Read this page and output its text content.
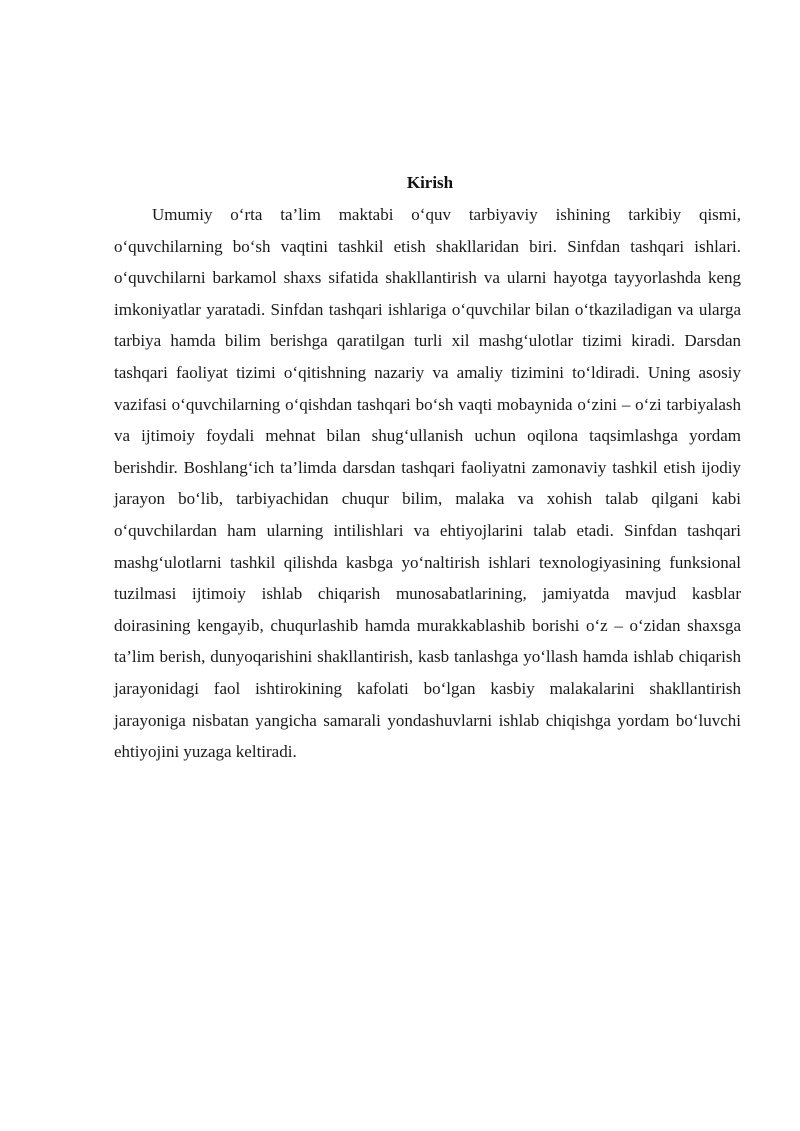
Kirish

Umumiy o‘rta ta’lim maktabi o‘quv tarbiyaviy ishining tarkibiy qismi, o‘quvchilarning bo‘sh vaqtini tashkil etish shakllaridan biri. Sinfdan tashqari ishlari. o‘quvchilarni barkamol shaxs sifatida shakllantirish va ularni hayotga tayyorlashda keng imkoniyatlar yaratadi. Sinfdan tashqari ishlariga o‘quvchilar bilan o‘tkaziladigan va ularga tarbiya hamda bilim berishga qaratilgan turli xil mashg‘ulotlar tizimi kiradi. Darsdan tashqari faoliyat tizimi o‘qitishning nazariy va amaliy tizimini to‘ldiradi. Uning asosiy vazifasi o‘quvchilarning o‘qishdan tashqari bo‘sh vaqti mobaynida o‘zini – o‘zi tarbiyalash va ijtimoiy foydali mehnat bilan shug‘ullanish uchun oqilona taqsimlashga yordam berishdir. Boshlang‘ich ta’limda darsdan tashqari faoliyatni zamonaviy tashkil etish ijodiy jarayon bo‘lib, tarbiyachidan chuqur bilim, malaka va xohish talab qilgani kabi o‘quvchilardan ham ularning intilishlari va ehtiyojlarini talab etadi. Sinfdan tashqari mashg‘ulotlarni tashkil qilishda kasbga yo‘naltirish ishlari texnologiyasining funksional tuzilmasi ijtimoiy ishlab chiqarish munosabatlarining, jamiyatda mavjud kasblar doirasining kengayib, chuqurlashib hamda murakkablashib borishi o‘z – o‘zidan shaxsga ta’lim berish, dunyoqarishini shakllantirish, kasb tanlashga yo‘llash hamda ishlab chiqarish jarayonidagi faol ishtirokining kafolati bo‘lgan kasbiy malakalarini shakllantirish jarayoniga nisbatan yangicha samarali yondashuvlarni ishlab chiqishga yordam bo‘luvchi ehtiyojini yuzaga keltiradi.
